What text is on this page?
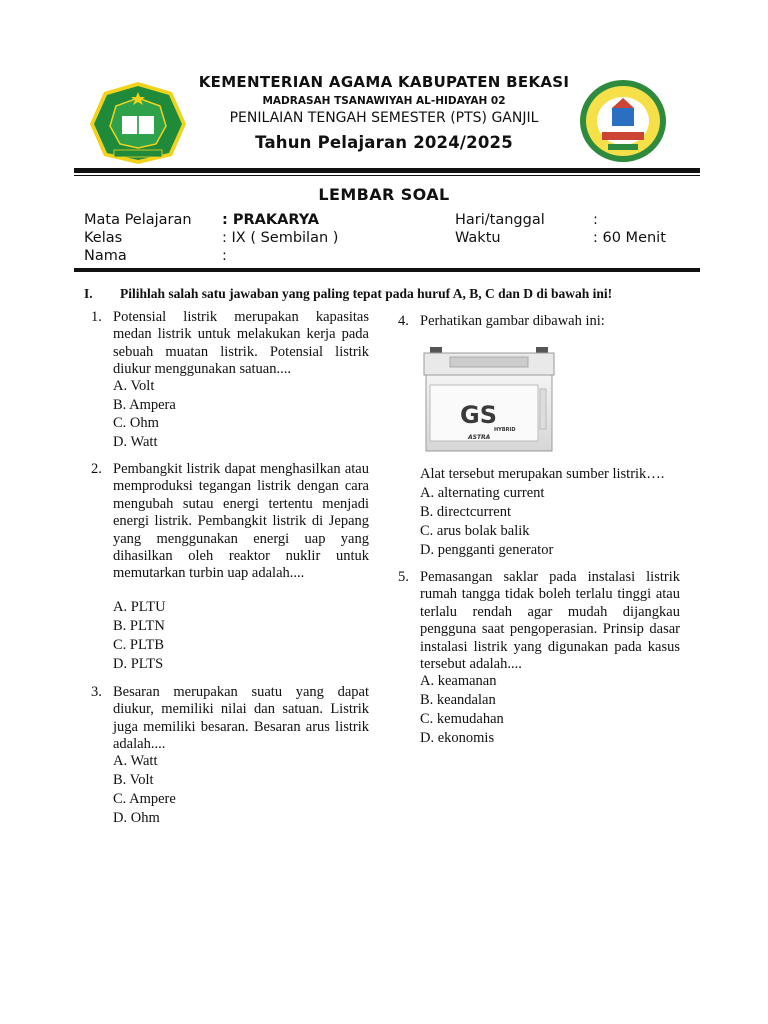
KEMENTERIAN AGAMA KABUPATEN BEKASI
MADRASAH TSANAWIYAH AL-HIDAYAH 02
PENILAIAN TENGAH SEMESTER (PTS) GANJIL
Tahun Pelajaran 2024/2025
LEMBAR SOAL
Mata Pelajaran : PRAKARYA
Kelas	: IX ( Sembilan )
Nama	:
Hari/tanggal	:
Waktu	: 60 Menit
I. Pilihlah salah satu jawaban yang paling tepat pada huruf A, B, C dan D di bawah ini!
1. Potensial listrik merupakan kapasitas medan listrik untuk melakukan kerja pada sebuah muatan listrik. Potensial listrik diukur menggunakan satuan....
A. Volt
B. Ampera
C. Ohm
D. Watt
2. Pembangkit listrik dapat menghasilkan atau memproduksi tegangan listrik dengan cara mengubah sutau energi tertentu menjadi energi listrik. Pembangkit listrik di Jepang yang menggunakan energi uap yang dihasilkan oleh reaktor nuklir untuk memutarkan turbin uap adalah....
A. PLTU
B. PLTN
C. PLTB
D. PLTS
3. Besaran merupakan suatu yang dapat diukur, memiliki nilai dan satuan. Listrik juga memiliki besaran. Besaran arus listrik adalah....
A. Watt
B. Volt
C. Ampere
D. Ohm
4. Perhatikan gambar dibawah ini:
Alat tersebut merupakan sumber listrik….
A. alternating current
B. directcurrent
C. arus bolak balik
D. pengganti generator
GS
HYBRID
ASTRA
5. Pemasangan saklar pada instalasi listrik rumah tangga tidak boleh terlalu tinggi atau terlalu rendah agar mudah dijangkau pengguna saat pengoperasian. Prinsip dasar instalasi listrik yang digunakan pada kasus tersebut adalah....
A. keamanan
B. keandalan
C. kemudahan
D. ekonomis
